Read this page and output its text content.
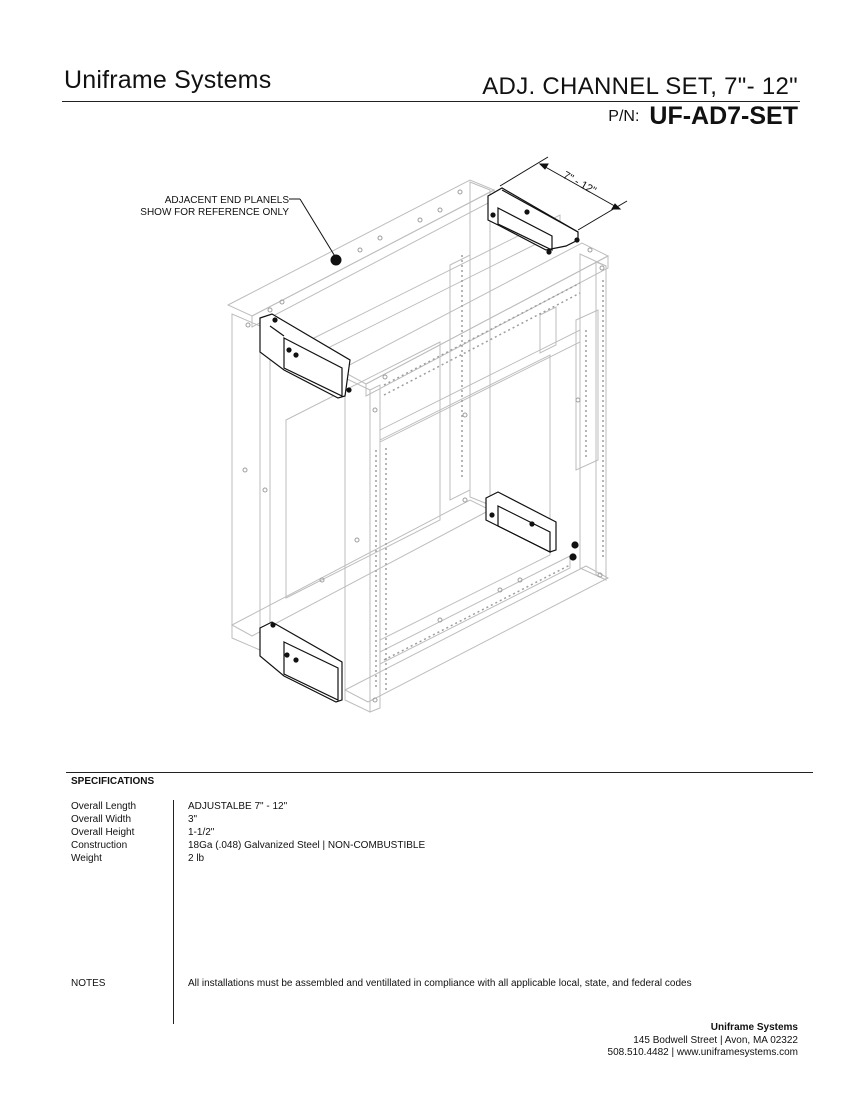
Uniframe Systems	ADJ. CHANNEL SET, 7"- 12"
P/N: UF-AD7-SET
7" - 12"
ADJACENT END PLANELS
SHOW FOR REFERENCE ONLY
SPECIFICATIONS
Overall Length	ADJUSTALBE 7" - 12"
Overall Width	3"
Overall Height	1-1/2"
Construction	18Ga (.048) Galvanized Steel | NON-COMBUSTIBLE
Weight	2 lb
NOTES	All installations must be assembled and ventillated in compliance with all applicable local, state, and federal codes
Uniframe Systems
145 Bodwell Street | Avon, MA 02322
508.510.4482 | www.uniframesystems.com
